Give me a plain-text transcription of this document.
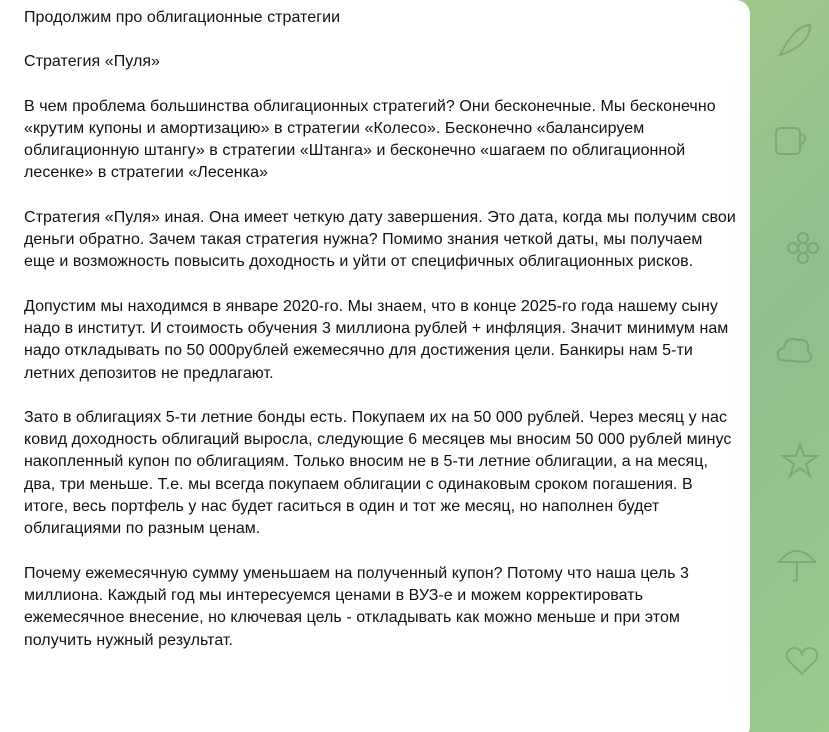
Продолжим про облигационные стратегии

Стратегия «Пуля»

В чем проблема большинства облигационных стратегий? Они бесконечные. Мы бесконечно «крутим купоны и амортизацию» в стратегии «Колесо». Бесконечно «балансируем облигационную штангу» в стратегии «Штанга» и бесконечно «шагаем по облигационной лесенке» в стратегии «Лесенка»

Стратегия «Пуля» иная. Она имеет четкую дату завершения. Это дата, когда мы получим свои деньги обратно. Зачем такая стратегия нужна? Помимо знания четкой даты, мы получаем еще и возможность повысить доходность и уйти от специфичных облигационных рисков.

Допустим мы находимся в январе 2020-го. Мы знаем, что в конце 2025-го года нашему сыну надо в институт. И стоимость обучения 3 миллиона рублей + инфляция. Значит минимум нам надо откладывать по 50 000рублей ежемесячно для достижения цели. Банкиры нам 5-ти летних депозитов не предлагают.

Зато в облигациях 5-ти летние бонды есть. Покупаем их на 50 000 рублей. Через месяц у нас ковид доходность облигаций выросла, следующие 6 месяцев мы вносим 50 000 рублей минус накопленный купон по облигациям. Только вносим не в 5-ти летние облигации, а на месяц, два, три меньше. Т.е. мы всегда покупаем облигации с одинаковым сроком погашения. В итоге, весь портфель у нас будет гаситься в один и тот же месяц, но наполнен будет облигациями по разным ценам.

Почему ежемесячную сумму уменьшаем на полученный купон? Потому что наша цель 3 миллиона. Каждый год мы интересуемся ценами в ВУЗ-е и можем корректировать ежемесячное внесение, но ключевая цель - откладывать как можно меньше и при этом получить нужный результат.
